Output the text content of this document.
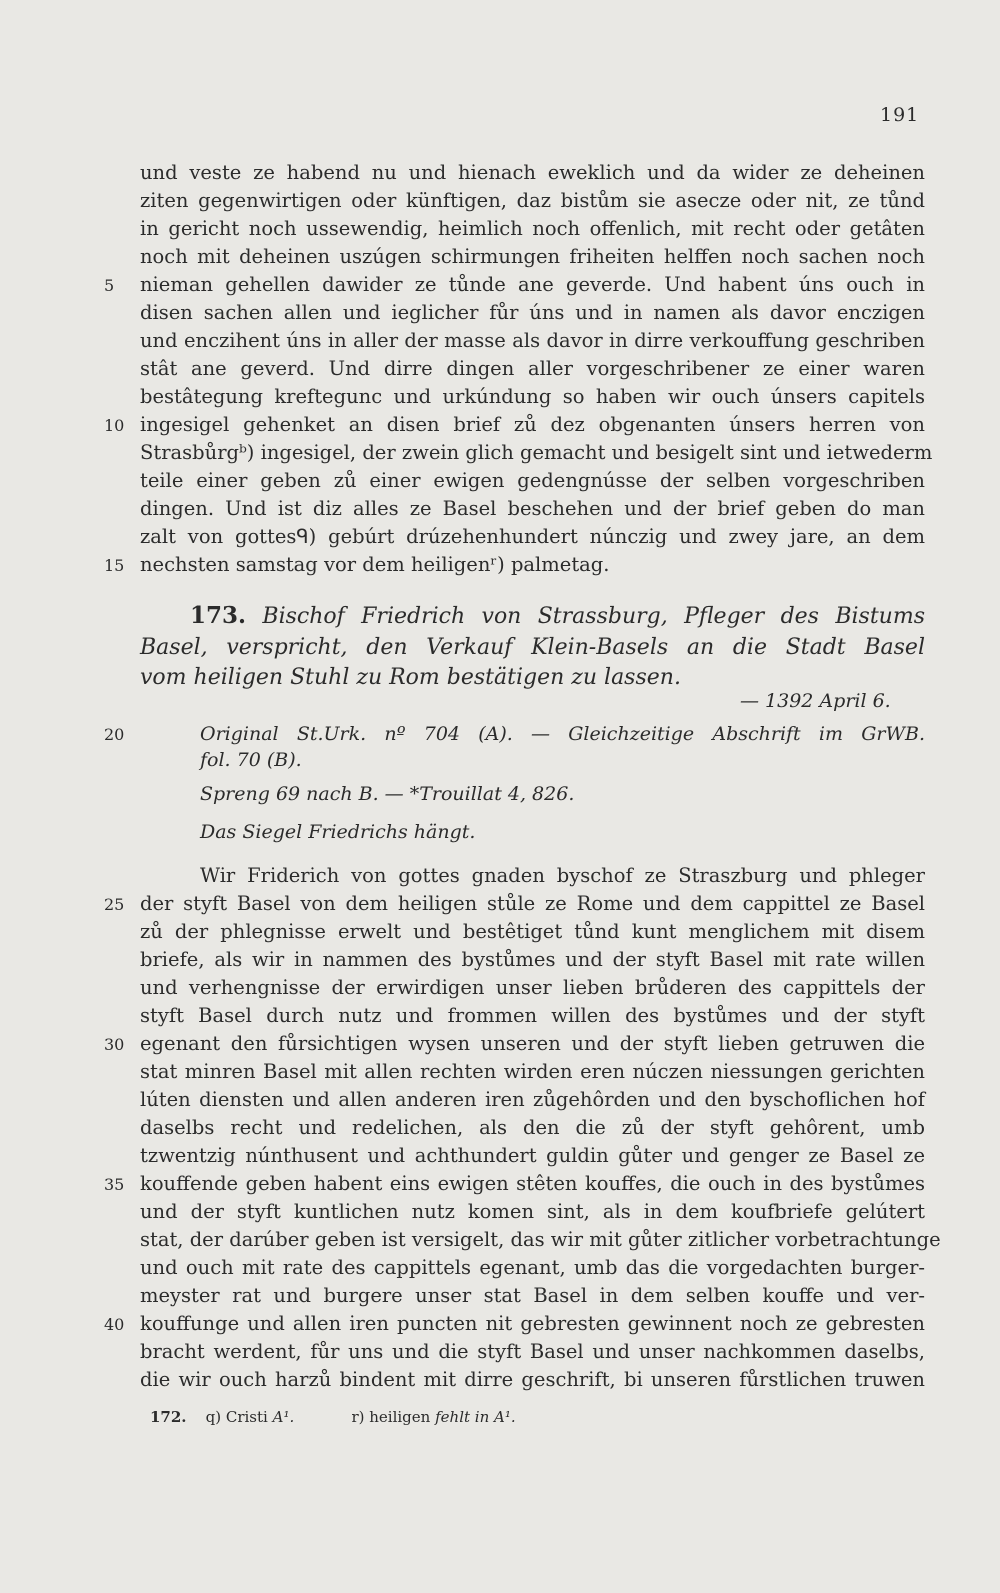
191
und veste ze habend nu und hienach eweklich und da wider ze deheinen
ziten gegenwirtigen oder künftigen, daz bistům sie asecze oder nit, ze tůnd
in gericht noch ussewendig, heimlich noch offenlich, mit recht oder getâten
noch mit deheinen uszúgen schirmungen friheiten helffen noch sachen noch
nieman gehellen dawider ze tůnde ane geverde. Und habent úns ouch in
disen sachen allen und ieglicher fůr úns und in namen als davor enczigen
und enczihent úns in aller der masse als davor in dirre verkouffung geschriben
stât ane geverd. Und dirre dingen aller vorgeschribener ze einer waren
bestâtegung kreftegunc und urkúndung so haben wir ouch únsers capitels
ingesigel gehenket an disen brief zů dez obgenanten únsers herren von
Strasbůrgᵇ) ingesigel, der zwein glich gemacht und besigelt sint und ietwederm
teile einer geben zů einer ewigen gedengnússe der selben vorgeschriben
dingen. Und ist diz alles ze Basel beschehen und der brief geben do man
zalt von gottesᑫ) gebúrt drúzehenhundert núnczig und zwey jare, an dem
nechsten samstag vor dem heiligenʳ) palmetag.
173. Bischof Friedrich von Strassburg, Pfleger des Bistums
Basel, verspricht, den Verkauf Klein-Basels an die Stadt Basel
vom heiligen Stuhl zu Rom bestätigen zu lassen.
— 1392 April 6.
Original St.Urk. nº 704 (A). — Gleichzeitige Abschrift im GrWB.
fol. 70 (B).
Spreng 69 nach B. — *Trouillat 4, 826.
Das Siegel Friedrichs hängt.
Wir Friderich von gottes gnaden byschof ze Straszburg und phleger
der styft Basel von dem heiligen stůle ze Rome und dem cappittel ze Basel
zů der phlegnisse erwelt und bestêtiget tůnd kunt menglichem mit disem
briefe, als wir in nammen des bystůmes und der styft Basel mit rate willen
und verhengnisse der erwirdigen unser lieben brůderen des cappittels der
styft Basel durch nutz und frommen willen des bystůmes und der styft
egenant den fůrsichtigen wysen unseren und der styft lieben getruwen die
stat minren Basel mit allen rechten wirden eren núczen niessungen gerichten
lúten diensten und allen anderen iren zůgehôrden und den byschoflichen hof
daselbs recht und redelichen, als den die zů der styft gehôrent, umb
tzwentzig núnthusent und achthundert guldin gůter und genger ze Basel ze
kouffende geben habent eins ewigen stêten kouffes, die ouch in des bystůmes
und der styft kuntlichen nutz komen sint, als in dem koufbriefe gelútert
stat, der darúber geben ist versigelt, das wir mit gůter zitlicher vorbetrachtunge
und ouch mit rate des cappittels egenant, umb das die vorgedachten burger-
meyster rat und burgere unser stat Basel in dem selben kouffe und ver-
kouffunge und allen iren puncten nit gebresten gewinnent noch ze gebresten
bracht werdent, fůr uns und die styft Basel und unser nachkommen daselbs,
die wir ouch harzů bindent mit dirre geschrift, bi unseren fůrstlichen truwen
5
10
15
20
25
30
35
40
172. q) Cristi A¹.	r) heiligen fehlt in A¹.
